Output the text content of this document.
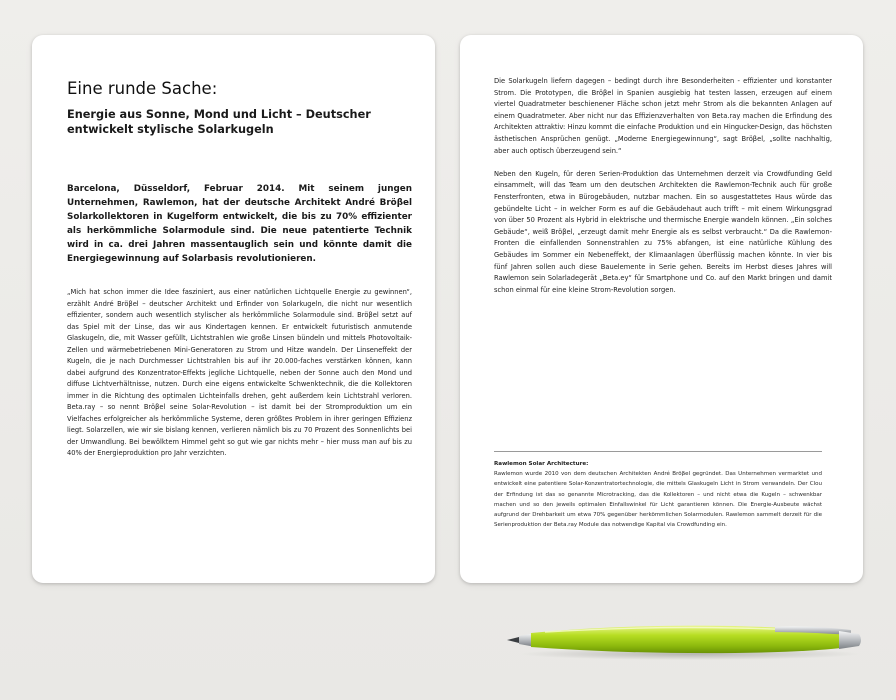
Eine runde Sache:
Energie aus Sonne, Mond und Licht – Deutscher entwickelt stylische Solarkugeln

Barcelona, Düsseldorf, Februar 2014. Mit seinem jungen Unternehmen, Rawlemon, hat der deutsche Architekt André Bröβel Solarkollektoren in Kugelform entwickelt, die bis zu 70% effizienter als herkömmliche Solarmodule sind. Die neue patentierte Technik wird in ca. drei Jahren massentauglich sein und könnte damit die Energiegewinnung auf Solarbasis revolutionieren.

„Mich hat schon immer die Idee fasziniert, aus einer natürlichen Lichtquelle Energie zu gewinnen“, erzählt André Bröβel – deutscher Architekt und Erfinder von Solarkugeln, die nicht nur wesentlich effizienter, sondern auch wesentlich stylischer als herkömmliche Solarmodule sind. Bröβel setzt auf das Spiel mit der Linse, das wir aus Kindertagen kennen. Er entwickelt futuristisch anmutende Glaskugeln, die, mit Wasser gefüllt, Lichtstrahlen wie große Linsen bündeln und mittels Photovoltaik-Zellen und wärmebetriebenen Mini-Generatoren zu Strom und Hitze wandeln. Der Linseneffekt der Kugeln, die je nach Durchmesser Lichtstrahlen bis auf ihr 20.000-faches verstärken können, kann dabei aufgrund des Konzentrator-Effekts jegliche Lichtquelle, neben der Sonne auch den Mond und diffuse Lichtverhältnisse, nutzen. Durch eine eigens entwickelte Schwenktechnik, die die Kollektoren immer in die Richtung des optimalen Lichteinfalls drehen, geht außerdem kein Lichtstrahl verloren. Beta.ray – so nennt Bröβel seine Solar-Revolution – ist damit bei der Stromproduktion um ein Vielfaches erfolgreicher als herkömmliche Systeme, deren größtes Problem in ihrer geringen Effizienz liegt. Solarzellen, wie wir sie bislang kennen, verlieren nämlich bis zu 70 Prozent des Sonnenlichts bei der Umwandlung. Bei bewölktem Himmel geht so gut wie gar nichts mehr – hier muss man auf bis zu 40% der Energieproduktion pro Jahr verzichten.

Die Solarkugeln liefern dagegen – bedingt durch ihre Besonderheiten - effizienter und konstanter Strom. Die Prototypen, die Bröβel in Spanien ausgiebig hat testen lassen, erzeugen auf einem viertel Quadratmeter beschienener Fläche schon jetzt mehr Strom als die bekannten Anlagen auf einem Quadratmeter. Aber nicht nur das Effizienzverhalten von Beta.ray machen die Erfindung des Architekten attraktiv: Hinzu kommt die einfache Produktion und ein Hingucker-Design, das höchsten ästhetischen Ansprüchen genügt. „Moderne Energiegewinnung“, sagt Bröβel, „sollte nachhaltig, aber auch optisch überzeugend sein.“

Neben den Kugeln, für deren Serien-Produktion das Unternehmen derzeit via Crowdfunding Geld einsammelt, will das Team um den deutschen Architekten die Rawlemon-Technik auch für große Fensterfronten, etwa in Bürogebäuden, nutzbar machen. Ein so ausgestattetes Haus würde das gebündelte Licht – in welcher Form es auf die Gebäudehaut auch trifft – mit einem Wirkungsgrad von über 50 Prozent als Hybrid in elektrische und thermische Energie wandeln können. „Ein solches Gebäude“, weiß Bröβel, „erzeugt damit mehr Energie als es selbst verbraucht.“ Da die Rawlemon-Fronten die einfallenden Sonnenstrahlen zu 75% abfangen, ist eine natürliche Kühlung des Gebäudes im Sommer ein Nebeneffekt, der Klimaanlagen überflüssig machen könnte. In vier bis fünf Jahren sollen auch diese Bauelemente in Serie gehen. Bereits im Herbst dieses Jahres will Rawlemon sein Solarladegerät „Beta.ey“ für Smartphone und Co. auf den Markt bringen und damit schon einmal für eine kleine Strom-Revolution sorgen.

Rawlemon Solar Architecture:

Rawlemon wurde 2010 von dem deutschen Architekten André Bröβel gegründet. Das Unternehmen vermarktet und entwickelt eine patentiere Solar-Konzentratortechnologie, die mittels Glaskugeln Licht in Strom verwandeln. Der Clou der Erfindung ist das so genannte Microtracking, das die Kollektoren – und nicht etwa die Kugeln – schwenkbar machen und so den jeweils optimalen Einfallswinkel für Licht garantieren können. Die Energie-Ausbeute wächst aufgrund der Drehbarkeit um etwa 70% gegenüber herkömmlichen Solarmodulen. Rawlemon sammelt derzeit für die Serienproduktion der Beta.ray Module das notwendige Kapital via Crowdfunding ein.
